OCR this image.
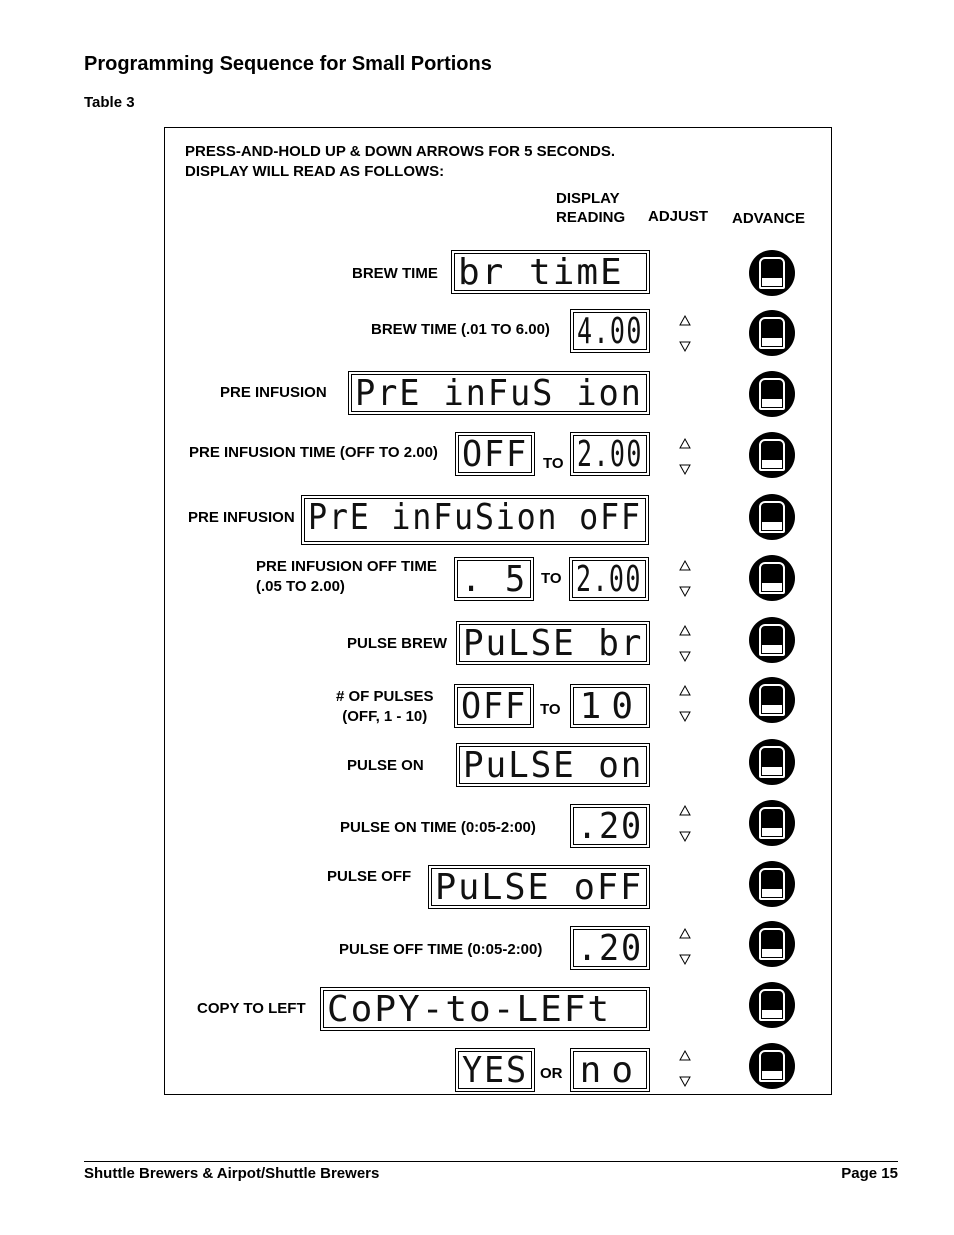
Programming Sequence for Small Portions
Table 3
PRESS-AND-HOLD UP & DOWN ARROWS FOR 5 SECONDS.
DISPLAY WILL READ AS FOLLOWS:
DISPLAY
READING ADJUST ADVANCE
BREW TIME br timE
BREW TIME (.01 TO 6.00) 4.00
PRE INFUSION PrE inFuS ion
PRE INFUSION TIME (OFF TO 2.00) OFF TO 2.00
PRE INFUSION PrE inFuSion oFF
PRE INFUSION OFF TIME
(.05 TO 2.00)	. 5 TO 2.00
PULSE BREW PuLSE br
# OF PULSES
(OFF, 1 - 10) OFF TO 10
PULSE ON PuLSE on
PULSE ON TIME (0:05-2:00) .20
PULSE OFF PuLSE oFF
PULSE OFF TIME (0:05-2:00) .20
COPY TO LEFT CoPY-to-LEFt
YES OR no
Shuttle Brewers & Airpot/Shuttle Brewers	Page 15
